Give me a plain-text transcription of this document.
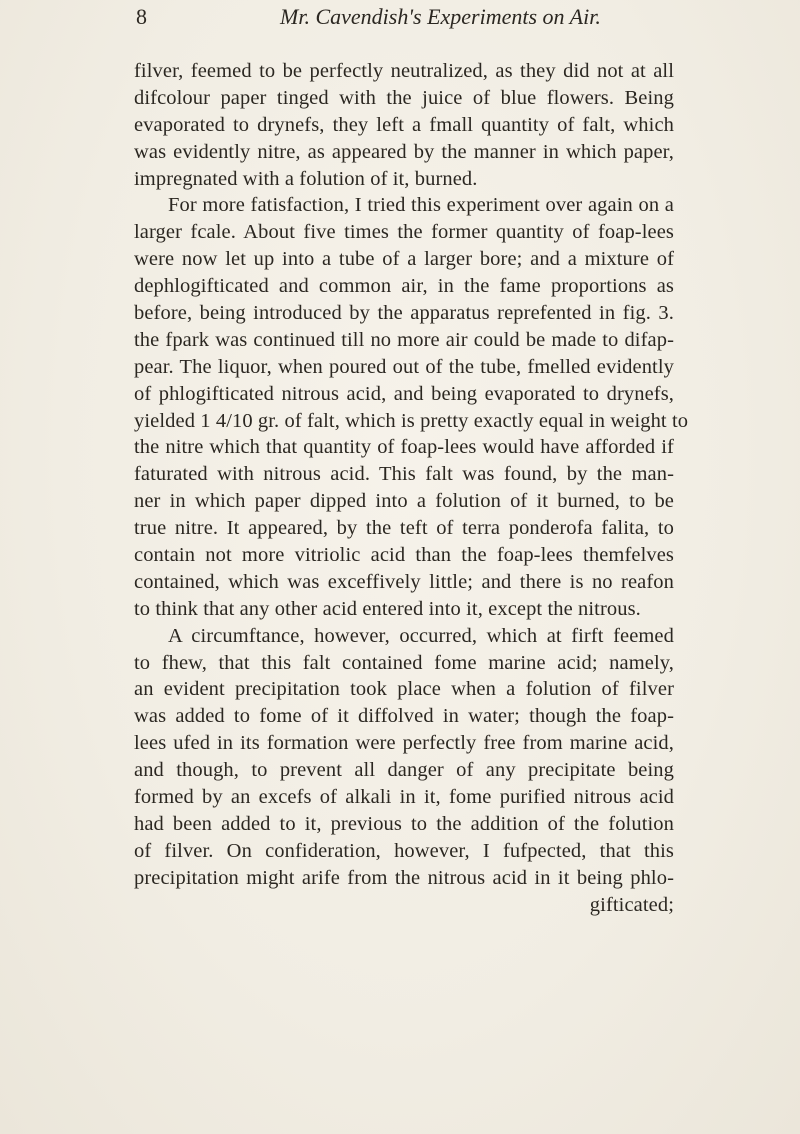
8	Mr. Cavendish's Experiments on Air.
filver, feemed to be perfectly neutralized, as they did not at all
difcolour paper tinged with the juice of blue flowers. Being
evaporated to drynefs, they left a fmall quantity of falt, which
was evidently nitre, as appeared by the manner in which paper,
impregnated with a folution of it, burned.
For more fatisfaction, I tried this experiment over again on a
larger fcale. About five times the former quantity of foap-lees
were now let up into a tube of a larger bore; and a mixture of
dephlogifticated and common air, in the fame proportions as
before, being introduced by the apparatus reprefented in fig. 3.
the fpark was continued till no more air could be made to difap-
pear. The liquor, when poured out of the tube, fmelled evidently
of phlogifticated nitrous acid, and being evaporated to drynefs,
yielded 1 4/10 gr. of falt, which is pretty exactly equal in weight to
the nitre which that quantity of foap-lees would have afforded if
faturated with nitrous acid. This falt was found, by the man-
ner in which paper dipped into a folution of it burned, to be
true nitre. It appeared, by the teft of terra ponderofa falita, to
contain not more vitriolic acid than the foap-lees themfelves
contained, which was exceffively little; and there is no reafon
to think that any other acid entered into it, except the nitrous.
A circumftance, however, occurred, which at firft feemed
to fhew, that this falt contained fome marine acid; namely,
an evident precipitation took place when a folution of filver
was added to fome of it diffolved in water; though the foap-
lees ufed in its formation were perfectly free from marine acid,
and though, to prevent all danger of any precipitate being
formed by an excefs of alkali in it, fome purified nitrous acid
had been added to it, previous to the addition of the folution
of filver. On confideration, however, I fufpected, that this
precipitation might arife from the nitrous acid in it being phlo-
gifticated;
